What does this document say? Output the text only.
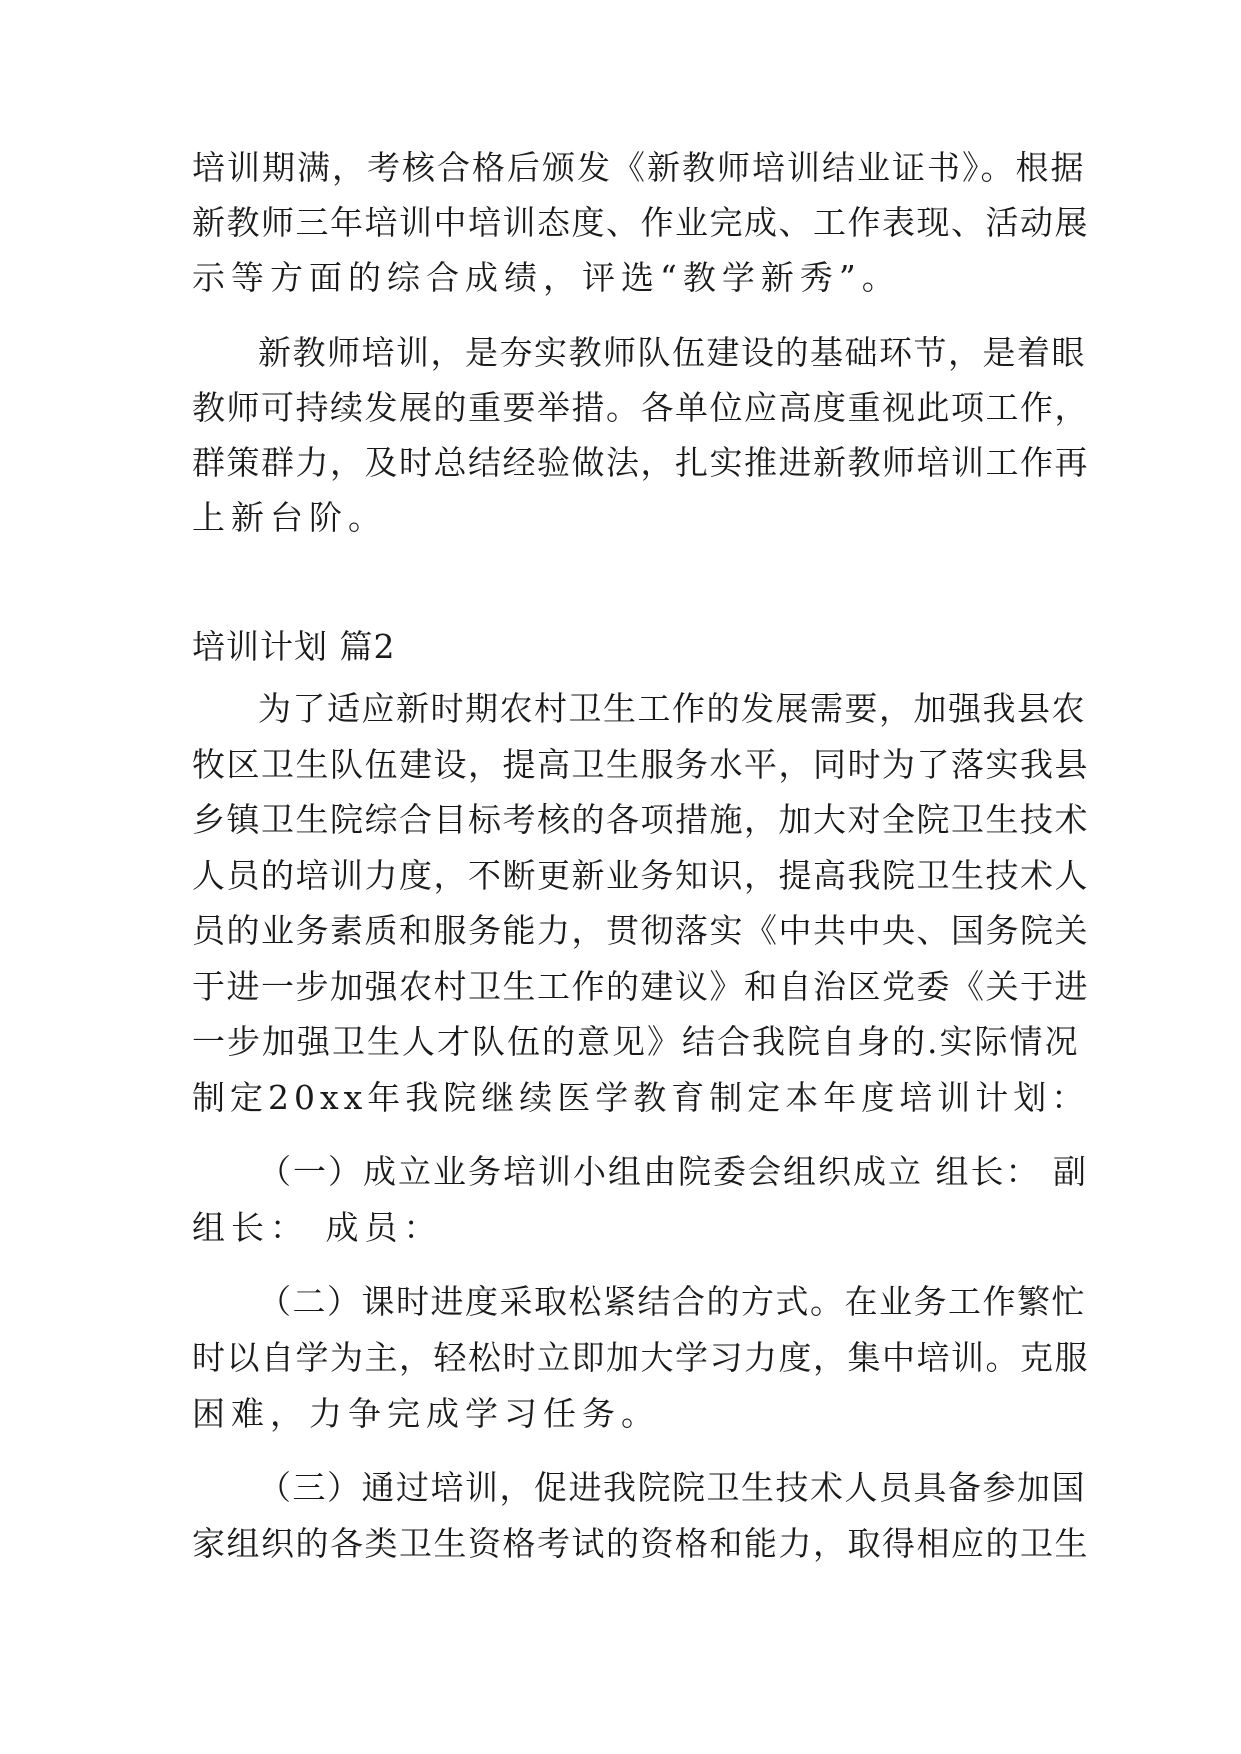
培训期满，考核合格后颁发《新教师培训结业证书》。根据

新教师三年培训中培训态度、作业完成、工作表现、活动展

示等方面的综合成绩，评选“教学新秀”。

新教师培训，是夯实教师队伍建设的基础环节，是着眼

教师可持续发展的重要举措。各单位应高度重视此项工作，

群策群力，及时总结经验做法，扎实推进新教师培训工作再

上新台阶。

培训计划 篇2

为了适应新时期农村卫生工作的发展需要，加强我县农

牧区卫生队伍建设，提高卫生服务水平，同时为了落实我县

乡镇卫生院综合目标考核的各项措施，加大对全院卫生技术

人员的培训力度，不断更新业务知识，提高我院卫生技术人

员的业务素质和服务能力，贯彻落实《中共中央、国务院关

于进一步加强农村卫生工作的建议》和自治区党委《关于进

一步加强卫生人才队伍的意见》结合我院自身的.实际情况

制定20xx年我院继续医学教育制定本年度培训计划：

（一）成立业务培训小组由院委会组织成立 组长： 副

组长： 成员：

（二）课时进度采取松紧结合的方式。在业务工作繁忙

时以自学为主，轻松时立即加大学习力度，集中培训。克服

困难，力争完成学习任务。

（三）通过培训，促进我院院卫生技术人员具备参加国

家组织的各类卫生资格考试的资格和能力，取得相应的卫生
